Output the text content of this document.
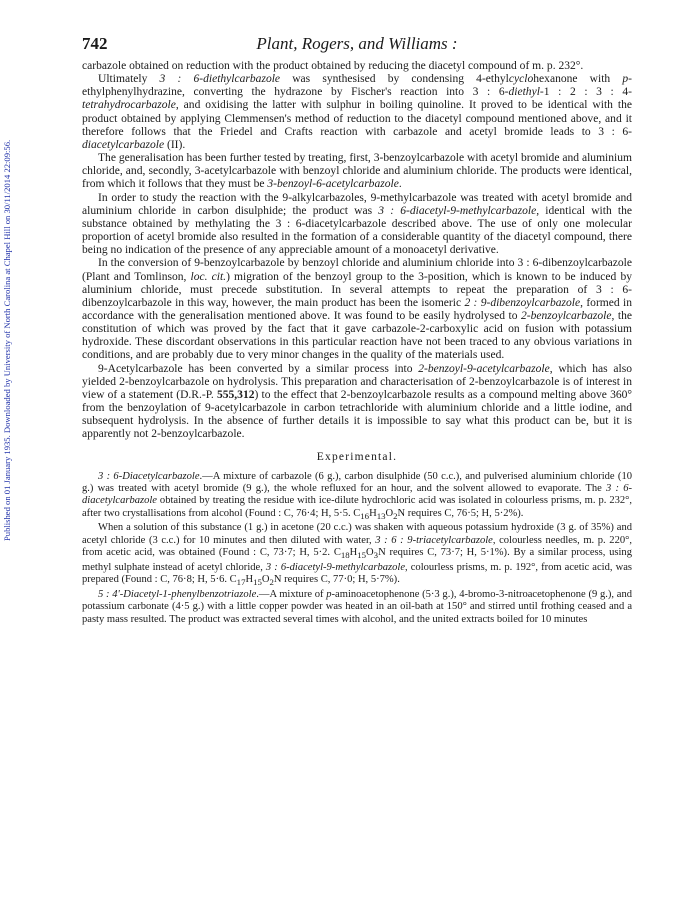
Published on 01 January 1935. Downloaded by University of North Carolina at Chapel Hill on 30/11/2014 22:09:56.
742	Plant, Rogers, and Williams :

carbazole obtained on reduction with the product obtained by reducing the diacetyl compound of m. p. 232°.

Ultimately 3 : 6-diethylcarbazole was synthesised by condensing 4-ethylcyclohexanone with p-ethylphenylhydrazine, converting the hydrazone by Fischer's reaction into 3 : 6-diethyl-1 : 2 : 3 : 4-tetrahydrocarbazole, and oxidising the latter with sulphur in boiling quinoline. It proved to be identical with the product obtained by applying Clemmensen's method of reduction to the diacetyl compound mentioned above, and it therefore follows that the Friedel and Crafts reaction with carbazole and acetyl bromide leads to 3 : 6-diacetylcarbazole (II).

The generalisation has been further tested by treating, first, 3-benzoylcarbazole with acetyl bromide and aluminium chloride, and, secondly, 3-acetylcarbazole with benzoyl chloride and aluminium chloride. The products were identical, from which it follows that they must be 3-benzoyl-6-acetylcarbazole.

In order to study the reaction with the 9-alkylcarbazoles, 9-methylcarbazole was treated with acetyl bromide and aluminium chloride in carbon disulphide; the product was 3 : 6-diacetyl-9-methylcarbazole, identical with the substance obtained by methylating the 3 : 6-diacetylcarbazole described above. The use of only one molecular proportion of acetyl bromide also resulted in the formation of a considerable quantity of the diacetyl compound, there being no indication of the presence of any appreciable amount of a monoacetyl derivative.

In the conversion of 9-benzoylcarbazole by benzoyl chloride and aluminium chloride into 3 : 6-dibenzoylcarbazole (Plant and Tomlinson, loc. cit.) migration of the benzoyl group to the 3-position, which is known to be induced by aluminium chloride, must precede substitution. In several attempts to repeat the preparation of 3 : 6-dibenzoylcarbazole in this way, however, the main product has been the isomeric 2 : 9-dibenzoylcarbazole, formed in accordance with the generalisation mentioned above. It was found to be easily hydrolysed to 2-benzoylcarbazole, the constitution of which was proved by the fact that it gave carbazole-2-carboxylic acid on fusion with potassium hydroxide. These discordant observations in this particular reaction have not been traced to any obvious variations in conditions, and are probably due to very minor changes in the quality of the materials used.

9-Acetylcarbazole has been converted by a similar process into 2-benzoyl-9-acetylcarbazole, which has also yielded 2-benzoylcarbazole on hydrolysis. This preparation and characterisation of 2-benzoylcarbazole is of interest in view of a statement (D.R.-P. 555,312) to the effect that 2-benzoylcarbazole results as a compound melting above 360° from the benzoylation of 9-acetylcarbazole in carbon tetrachloride with aluminium chloride and a little iodine, and subsequent hydrolysis. In the absence of further details it is impossible to say what this product can be, but it is apparently not 2-benzoylcarbazole.

Experimental.

3 : 6-Diacetylcarbazole.—A mixture of carbazole (6 g.), carbon disulphide (50 c.c.), and pulverised aluminium chloride (10 g.) was treated with acetyl bromide (9 g.), the whole refluxed for an hour, and the solvent allowed to evaporate. The 3 : 6-diacetylcarbazole obtained by treating the residue with ice-dilute hydrochloric acid was isolated in colourless prisms, m. p. 232°, after two crystallisations from alcohol (Found : C, 76·4; H, 5·5. $C_{16}H_{13}O_2N$ requires C, 76·5; H, 5·2%).

When a solution of this substance (1 g.) in acetone (20 c.c.) was shaken with aqueous potassium hydroxide (3 g. of 35%) and acetyl chloride (3 c.c.) for 10 minutes and then diluted with water, 3 : 6 : 9-triacetylcarbazole, colourless needles, m. p. 220°, from acetic acid, was obtained (Found : C, 73·7; H, 5·2. $C_{18}H_{15}O_3N$ requires C, 73·7; H, 5·1%). By a similar process, using methyl sulphate instead of acetyl chloride, 3 : 6-diacetyl-9-methylcarbazole, colourless prisms, m. p. 192°, from acetic acid, was prepared (Found : C, 76·8; H, 5·6. $C_{17}H_{15}O_2N$ requires C, 77·0; H, 5·7%).

5 : 4'-Diacetyl-1-phenylbenzotriazole.—A mixture of p-aminoacetophenone (5·3 g.), 4-bromo-3-nitroacetophenone (9 g.), and potassium carbonate (4·5 g.) with a little copper powder was heated in an oil-bath at 150° and stirred until frothing ceased and a pasty mass resulted. The product was extracted several times with alcohol, and the united extracts boiled for 10 minutes
